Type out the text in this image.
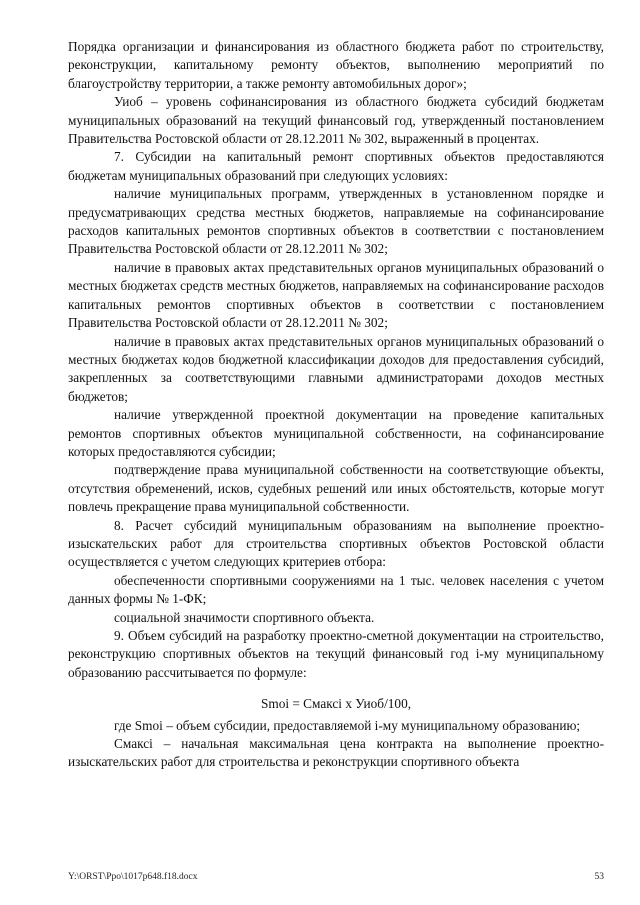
Порядка организации и финансирования из областного бюджета работ по строительству, реконструкции, капитальному ремонту объектов, выполнению мероприятий по благоустройству территории, а также ремонту автомобильных дорог»;

Уиоб – уровень софинансирования из областного бюджета субсидий бюджетам муниципальных образований на текущий финансовый год, утвержденный постановлением Правительства Ростовской области от 28.12.2011 № 302, выраженный в процентах.

7. Субсидии на капитальный ремонт спортивных объектов предоставляются бюджетам муниципальных образований при следующих условиях:

наличие муниципальных программ, утвержденных в установленном порядке и предусматривающих средства местных бюджетов, направляемые на софинансирование расходов капитальных ремонтов спортивных объектов в соответствии с постановлением Правительства Ростовской области от 28.12.2011 № 302;

наличие в правовых актах представительных органов муниципальных образований о местных бюджетах средств местных бюджетов, направляемых на софинансирование расходов капитальных ремонтов спортивных объектов в соответствии с постановлением Правительства Ростовской области от 28.12.2011 № 302;

наличие в правовых актах представительных органов муниципальных образований о местных бюджетах кодов бюджетной классификации доходов для предоставления субсидий, закрепленных за соответствующими главными администраторами доходов местных бюджетов;

наличие утвержденной проектной документации на проведение капитальных ремонтов спортивных объектов муниципальной собственности, на софинансирование которых предоставляются субсидии;

подтверждение права муниципальной собственности на соответствующие объекты, отсутствия обременений, исков, судебных решений или иных обстоятельств, которые могут повлечь прекращение права муниципальной собственности.

8. Расчет субсидий муниципальным образованиям на выполнение проектно-изыскательских работ для строительства спортивных объектов Ростовской области осуществляется с учетом следующих критериев отбора:

обеспеченности спортивными сооружениями на 1 тыс. человек населения с учетом данных формы № 1-ФК;

социальной значимости спортивного объекта.

9. Объем субсидий на разработку проектно-сметной документации на строительство, реконструкцию спортивных объектов на текущий финансовый год i-му муниципальному образованию рассчитывается по формуле:

Smoi = Смаксi х Уиоб/100,

где Smoi – объем субсидии, предоставляемой i-му муниципальному образованию;

Смаксi – начальная максимальная цена контракта на выполнение проектно-изыскательских работ для строительства и реконструкции спортивного объекта

Y:\ORST\Ppo\1017p648.f18.docx	53
